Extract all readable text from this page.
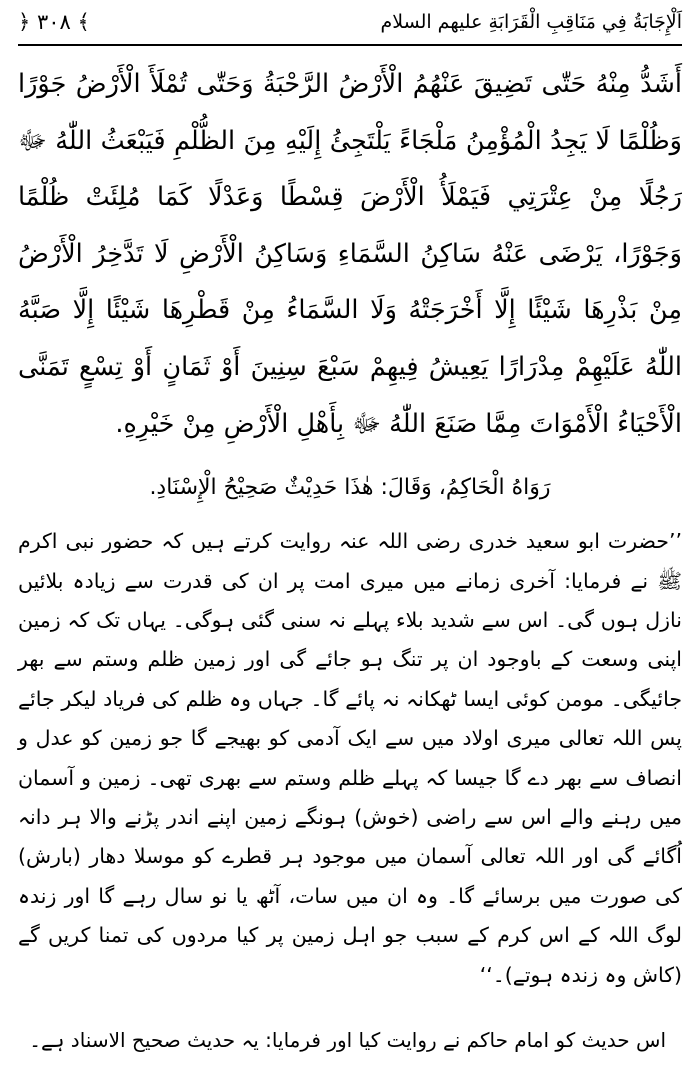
﴿ ٣٠٨ ﴾	اَلْإِجَابَةُ فِي مَنَاقِبِ الْقَرَابَةِ عليهم السلام

أَشَدُّ مِنْهُ حَتّٰى تَضِيقَ عَنْهُمُ الْأَرْضُ الرَّحْبَةُ وَحَتّٰى تُمْلَأَ الْأَرْضُ جَوْرًا وَظُلْمًا لَا يَجِدُ الْمُؤْمِنُ مَلْجَاءً يَلْتَجِئُ إِلَيْهِ مِنَ الظُّلْمِ فَيَبْعَثُ اللّٰهُ ﷻ رَجُلًا مِنْ عِتْرَتِي فَيَمْلَأُ الْأَرْضَ قِسْطًا وَعَدْلًا كَمَا مُلِئَتْ ظُلْمًا وَجَوْرًا، يَرْضَى عَنْهُ سَاكِنُ السَّمَاءِ وَسَاكِنُ الْأَرْضِ لَا تَدَّخِرُ الْأَرْضُ مِنْ بَذْرِهَا شَيْئًا إِلَّا أَخْرَجَتْهُ وَلَا السَّمَاءُ مِنْ قَطْرِهَا شَيْئًا إِلَّا صَبَّهُ اللّٰهُ عَلَيْهِمْ مِدْرَارًا يَعِيشُ فِيهِمْ سَبْعَ سِنِينَ أَوْ ثَمَانٍ أَوْ تِسْعٍ تَمَنَّى الْأَحْيَاءُ الْأَمْوَاتَ مِمَّا صَنَعَ اللّٰهُ ﷻ بِأَهْلِ الْأَرْضِ مِنْ خَيْرِهِ.

رَوَاهُ الْحَاكِمُ، وَقَالَ: هٰذَا حَدِيْثٌ صَحِيْحُ الْإِسْنَادِ.

’’حضرت ابو سعید خدری رضی اللہ عنہ روایت کرتے ہیں کہ حضور نبی اکرم ﷺ نے فرمایا: آخری زمانے میں میری امت پر ان کی قدرت سے زیادہ بلائیں نازل ہوں گی۔ اس سے شدید بلاء پہلے نہ سنی گئی ہوگی۔ یہاں تک کہ زمین اپنی وسعت کے باوجود ان پر تنگ ہو جائے گی اور زمین ظلم وستم سے بھر جائیگی۔ مومن کوئی ایسا ٹھکانہ نہ پائے گا۔ جہاں وہ ظلم کی فریاد لیکر جائے پس اللہ تعالی میری اولاد میں سے ایک آدمی کو بھیجے گا جو زمین کو عدل و انصاف سے بھر دے گا جیسا کہ پہلے ظلم وستم سے بھری تھی۔ زمین و آسمان میں رہنے والے اس سے راضی (خوش) ہونگے زمین اپنے اندر پڑنے والا ہر دانہ اُگائے گی اور اللہ تعالی آسمان میں موجود ہر قطرے کو موسلا دھار (بارش) کی صورت میں برسائے گا۔ وہ ان میں سات، آٹھ یا نو سال رہے گا اور زندہ لوگ اللہ کے اس کرم کے سبب جو اہل زمین پر کیا مردوں کی تمنا کریں گے (کاش وہ زندہ ہوتے)۔‘‘

اس حدیث کو امام حاکم نے روایت کیا اور فرمایا: یہ حدیث صحیح الاسناد ہے۔
